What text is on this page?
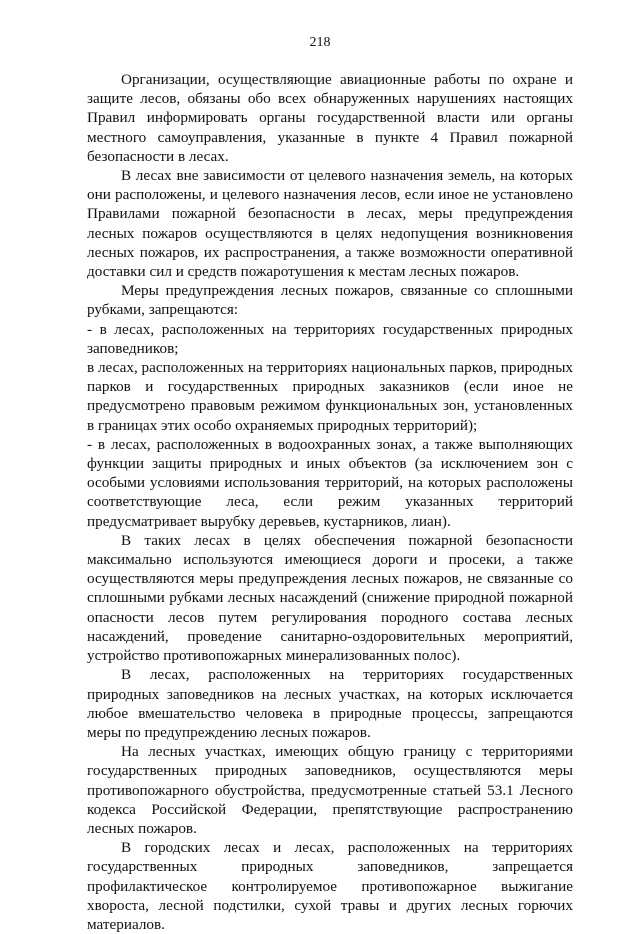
218

Организации, осуществляющие авиационные работы по охране и защите лесов, обязаны обо всех обнаруженных нарушениях настоящих Правил информировать органы государственной власти или органы местного самоуправления, указанные в пункте 4 Правил пожарной безопасности в лесах.

В лесах вне зависимости от целевого назначения земель, на которых они расположены, и целевого назначения лесов, если иное не установлено Правилами пожарной безопасности в лесах, меры предупреждения лесных пожаров осуществляются в целях недопущения возникновения лесных пожаров, их распространения, а также возможности оперативной доставки сил и средств пожаротушения к местам лесных пожаров.

Меры предупреждения лесных пожаров, связанные со сплошными рубками, запрещаются:

- в лесах, расположенных на территориях государственных природных заповедников;

в лесах, расположенных на территориях национальных парков, природных парков и государственных природных заказников (если иное не предусмотрено правовым режимом функциональных зон, установленных в границах этих особо охраняемых природных территорий);

- в лесах, расположенных в водоохранных зонах, а также выполняющих функции защиты природных и иных объектов (за исключением зон с особыми условиями использования территорий, на которых расположены соответствующие леса, если режим указанных территорий предусматривает вырубку деревьев, кустарников, лиан).

В таких лесах в целях обеспечения пожарной безопасности максимально используются имеющиеся дороги и просеки, а также осуществляются меры предупреждения лесных пожаров, не связанные со сплошными рубками лесных насаждений (снижение природной пожарной опасности лесов путем регулирования породного состава лесных насаждений, проведение санитарно-оздоровительных мероприятий, устройство противопожарных минерализованных полос).

В лесах, расположенных на территориях государственных природных заповедников на лесных участках, на которых исключается любое вмешательство человека в природные процессы, запрещаются меры по предупреждению лесных пожаров.

На лесных участках, имеющих общую границу с территориями государственных природных заповедников, осуществляются меры противопожарного обустройства, предусмотренные статьей 53.1 Лесного кодекса Российской Федерации, препятствующие распространению лесных пожаров.

В городских лесах и лесах, расположенных на территориях государственных природных заповедников, запрещается профилактическое контролируемое противопожарное выжигание хвороста, лесной подстилки, сухой травы и других лесных горючих материалов.
